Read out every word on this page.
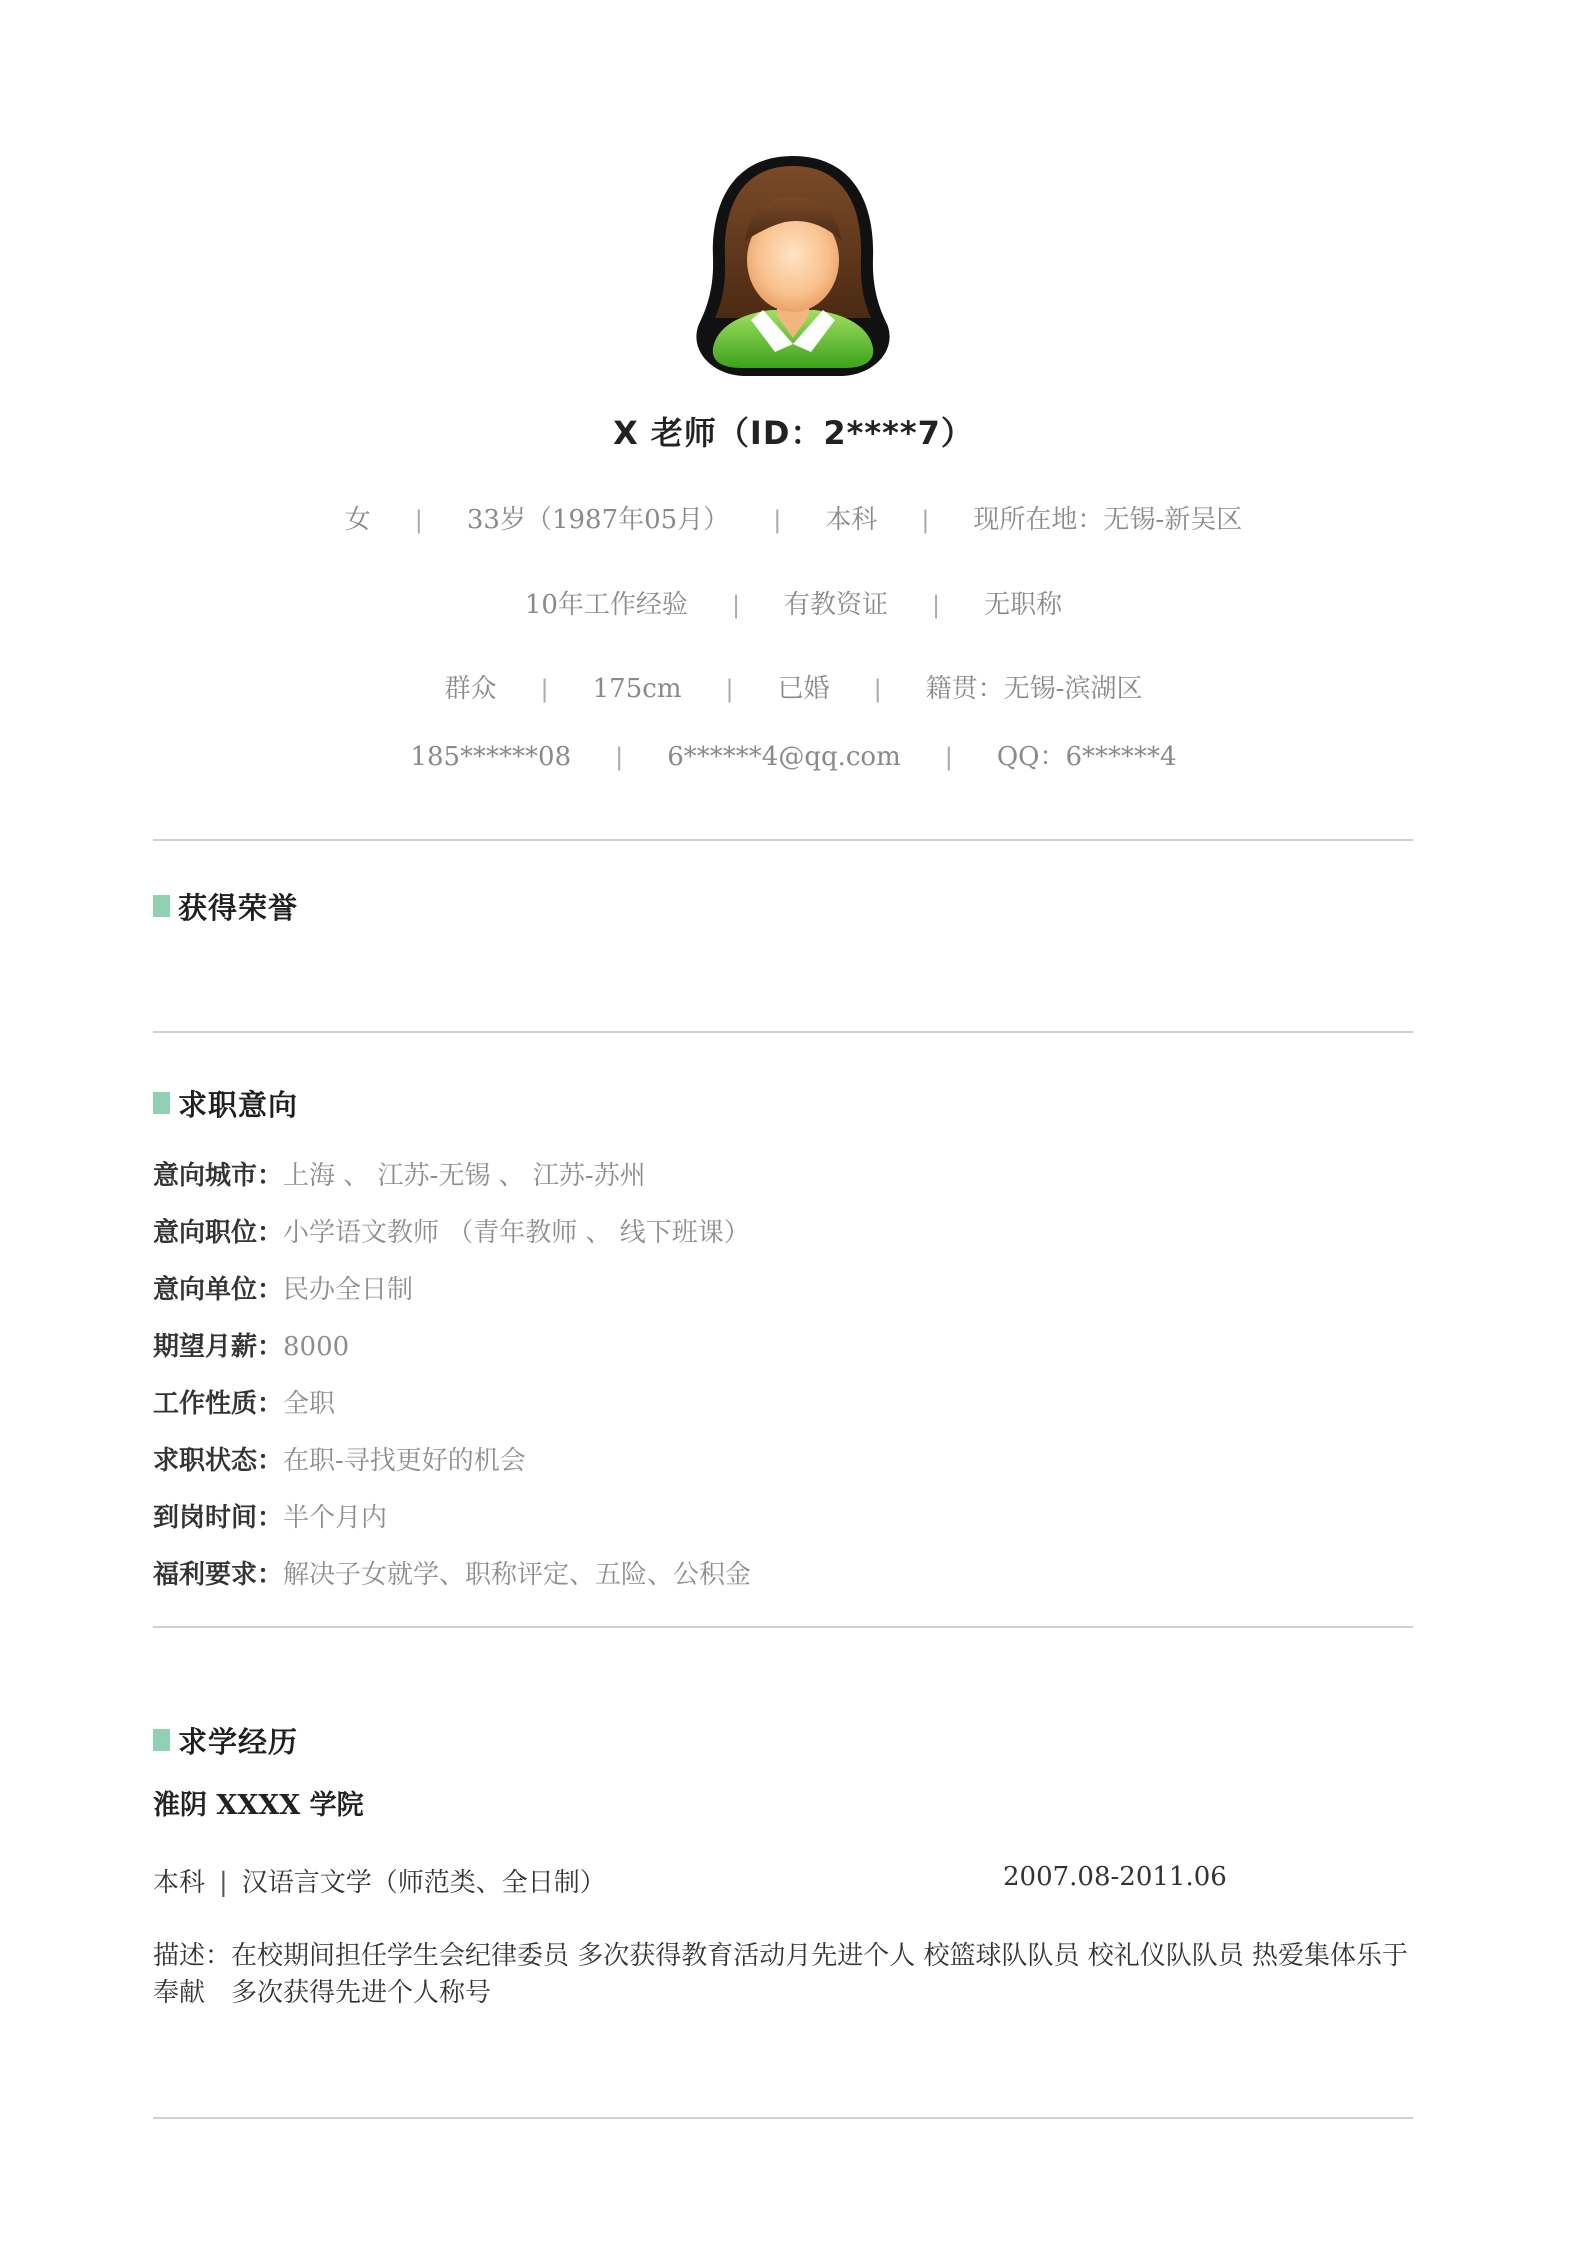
X 老师（ID：2****7）
女 | 33岁（1987年05月） | 本科 | 现所在地：无锡-新吴区
10年工作经验 | 有教资证 | 无职称
群众 | 175cm | 已婚 | 籍贯：无锡-滨湖区
185******08 | 6******4@qq.com | QQ：6******4
获得荣誉
求职意向
意向城市：上海 、 江苏-无锡 、 江苏-苏州
意向职位：小学语文教师 （青年教师 、 线下班课）
意向单位：民办全日制
期望月薪：8000
工作性质：全职
求职状态：在职-寻找更好的机会
到岗时间：半个月内
福利要求：解决子女就学、职称评定、五险、公积金
求学经历
淮阴 XXXX 学院
本科 | 汉语言文学（师范类、全日制）	2007.08-2011.06
描述：在校期间担任学生会纪律委员 多次获得教育活动月先进个人 校篮球队队员 校礼仪队队员 热爱集体乐于奉献　多次获得先进个人称号
